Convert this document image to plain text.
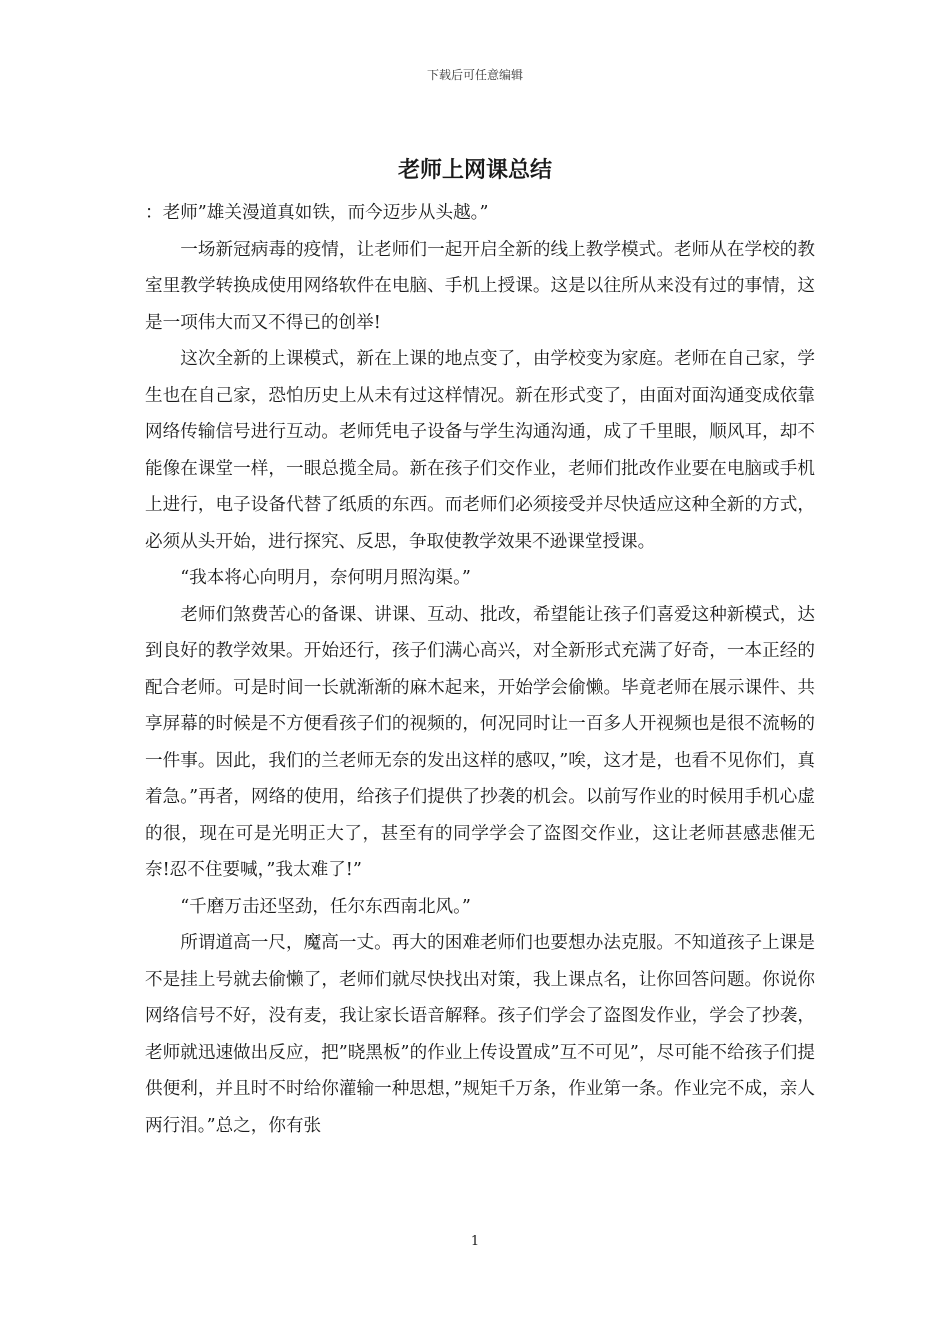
下载后可任意编辑
老师上网课总结

：老师”雄关漫道真如铁，而今迈步从头越。”

一场新冠病毒的疫情，让老师们一起开启全新的线上教学模式。老师从在学校的教室里教学转换成使用网络软件在电脑、手机上授课。这是以往所从来没有过的事情，这是一项伟大而又不得已的创举!

这次全新的上课模式，新在上课的地点变了，由学校变为家庭。老师在自己家，学生也在自己家，恐怕历史上从未有过这样情况。新在形式变了，由面对面沟通变成依靠网络传输信号进行互动。老师凭电子设备与学生沟通沟通，成了千里眼，顺风耳，却不能像在课堂一样，一眼总揽全局。新在孩子们交作业，老师们批改作业要在电脑或手机上进行，电子设备代替了纸质的东西。而老师们必须接受并尽快适应这种全新的方式，必须从头开始，进行探究、反思，争取使教学效果不逊课堂授课。

“我本将心向明月，奈何明月照沟渠。”

老师们煞费苦心的备课、讲课、互动、批改，希望能让孩子们喜爱这种新模式，达到良好的教学效果。开始还行，孩子们满心高兴，对全新形式充满了好奇，一本正经的配合老师。可是时间一长就渐渐的麻木起来，开始学会偷懒。毕竟老师在展示课件、共享屏幕的时候是不方便看孩子们的视频的，何况同时让一百多人开视频也是很不流畅的一件事。因此，我们的兰老师无奈的发出这样的感叹，”唉，这才是，也看不见你们，真着急。”再者，网络的使用，给孩子们提供了抄袭的机会。以前写作业的时候用手机心虚的很，现在可是光明正大了，甚至有的同学学会了盗图交作业，这让老师甚感悲催无奈!忍不住要喊，”我太难了!”

“千磨万击还坚劲，任尔东西南北风。”

所谓道高一尺，魔高一丈。再大的困难老师们也要想办法克服。不知道孩子上课是不是挂上号就去偷懒了，老师们就尽快找出对策，我上课点名，让你回答问题。你说你网络信号不好，没有麦，我让家长语音解释。孩子们学会了盗图发作业，学会了抄袭，老师就迅速做出反应，把”晓黑板”的作业上传设置成”互不可见”，尽可能不给孩子们提供便利，并且时不时给你灌输一种思想，”规矩千万条，作业第一条。作业完不成，亲人两行泪。”总之，你有张

1
